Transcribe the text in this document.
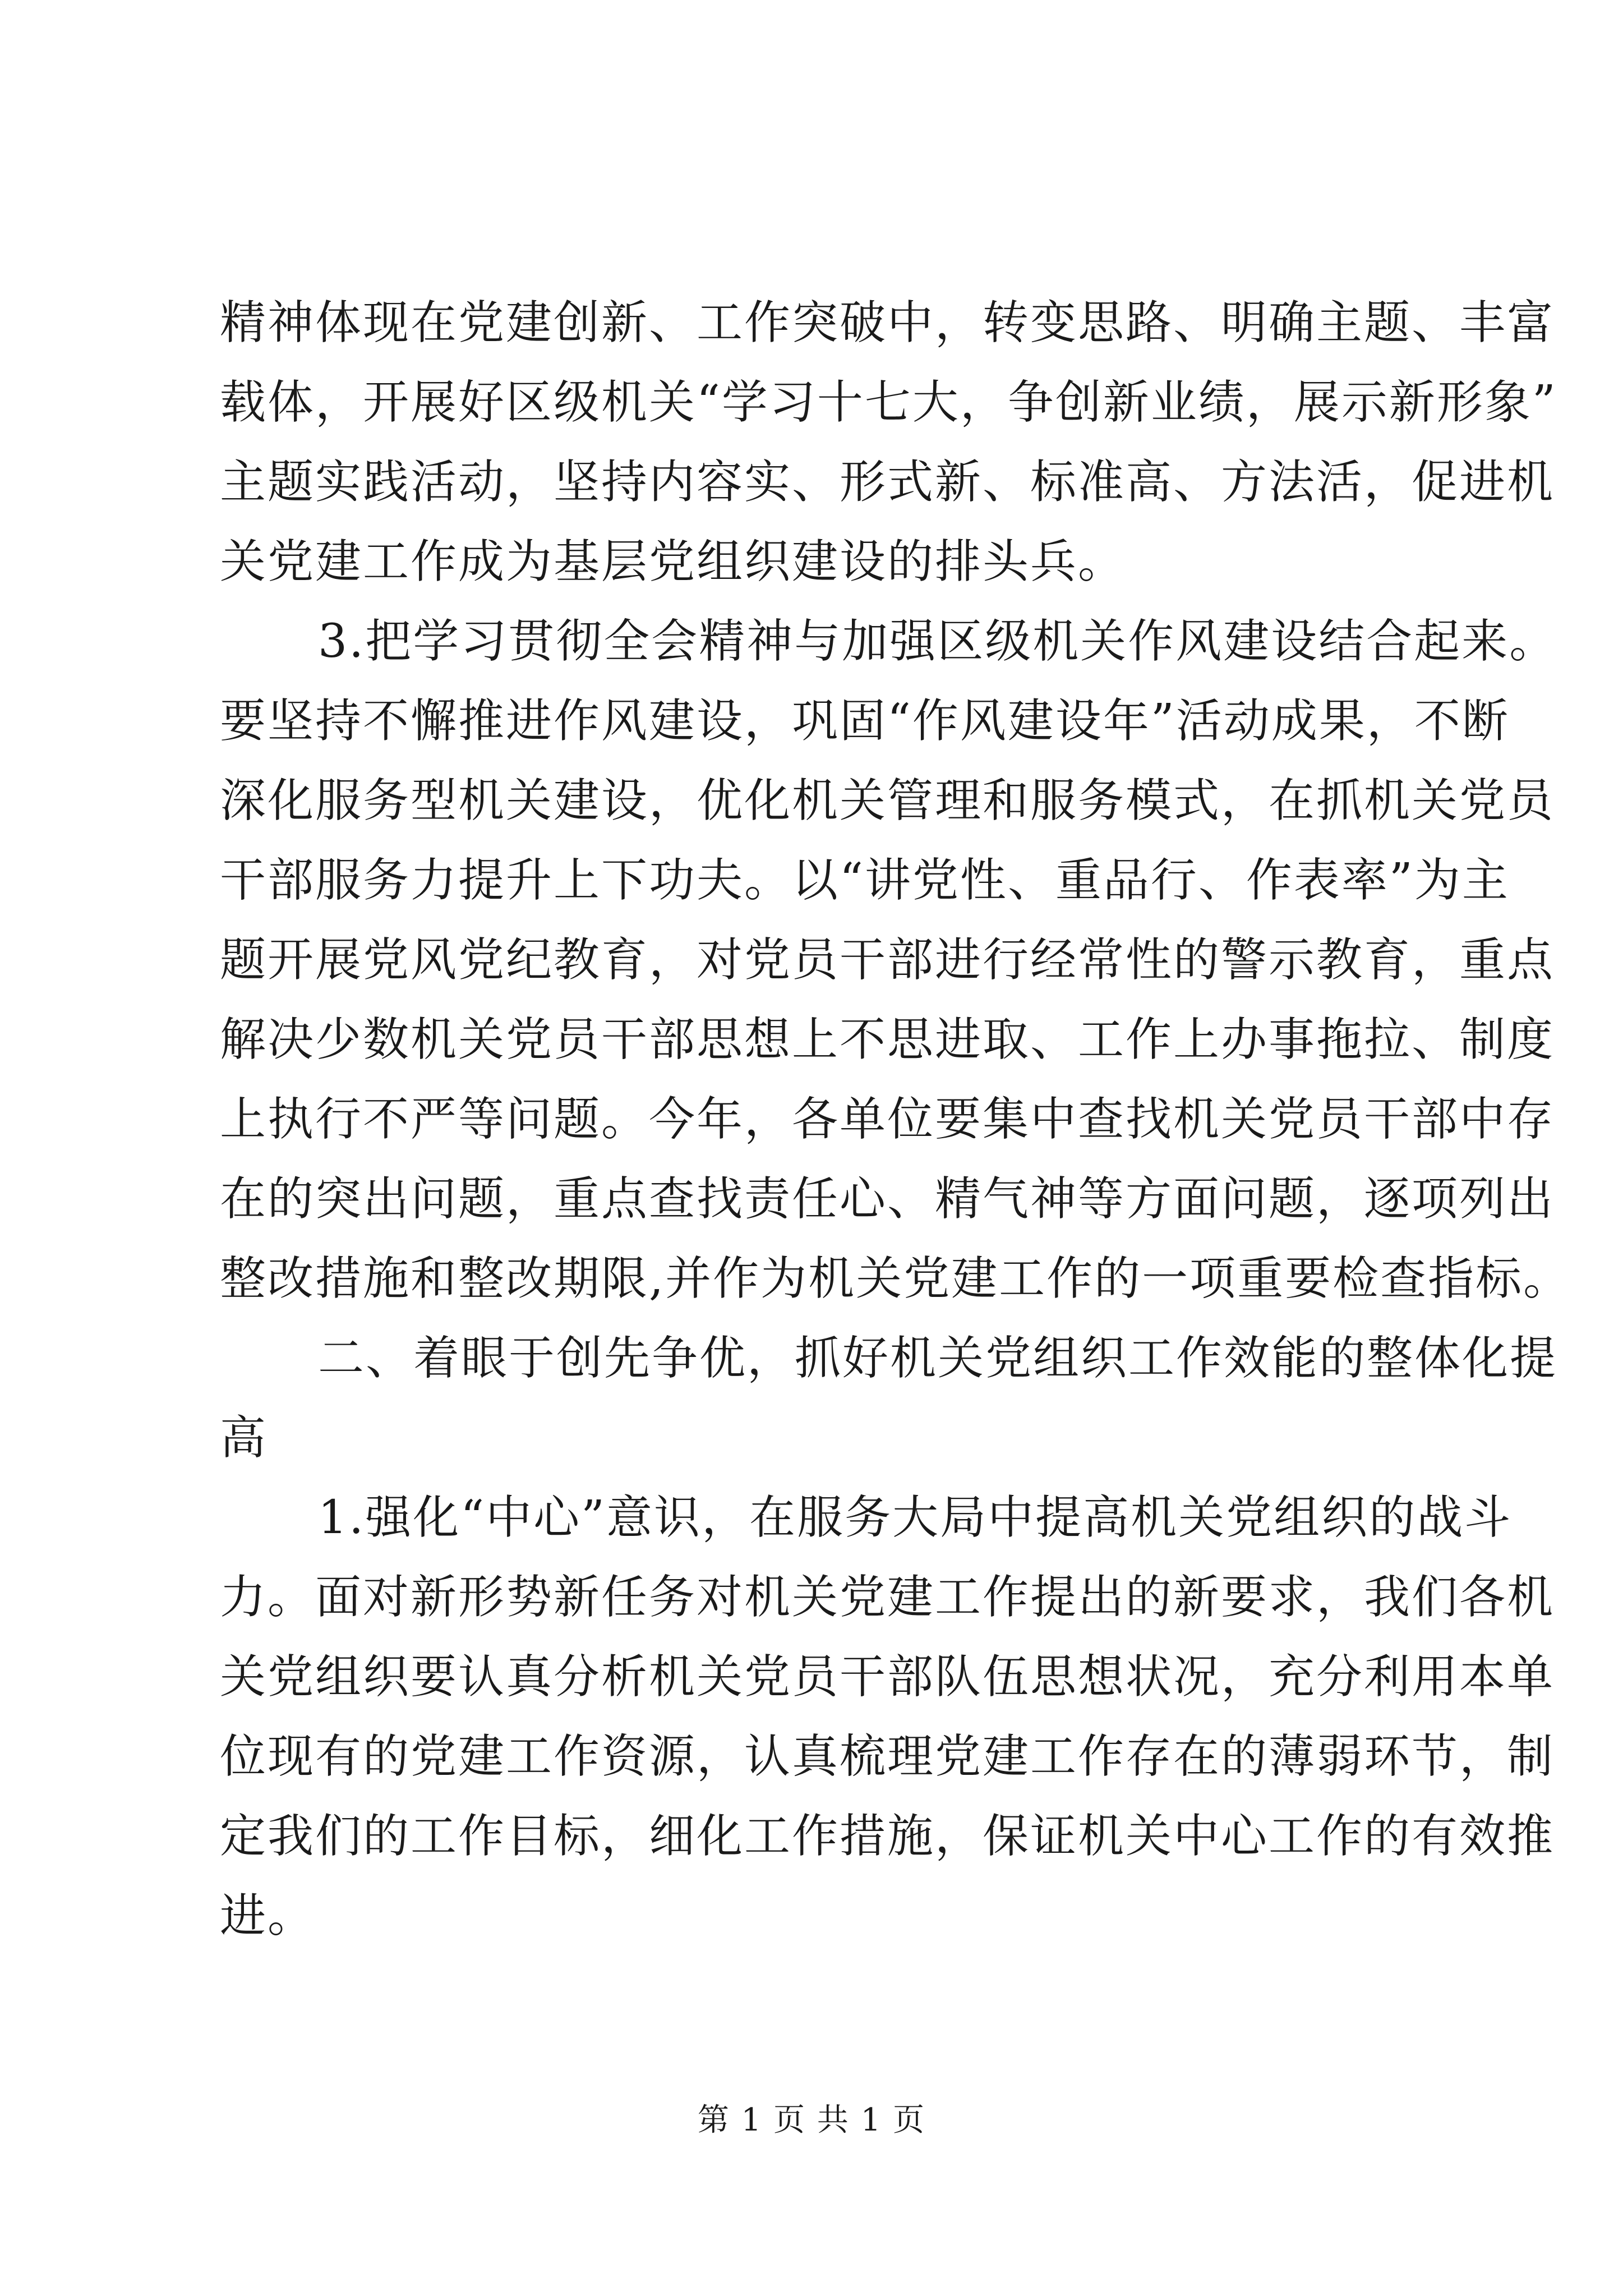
精神体现在党建创新、工作突破中，转变思路、明确主题、丰富
载体，开展好区级机关“学习十七大，争创新业绩，展示新形象”
主题实践活动，坚持内容实、形式新、标准高、方法活，促进机
关党建工作成为基层党组织建设的排头兵。
3.把学习贯彻全会精神与加强区级机关作风建设结合起来。
要坚持不懈推进作风建设，巩固“作风建设年”活动成果，不断
深化服务型机关建设，优化机关管理和服务模式，在抓机关党员
干部服务力提升上下功夫。以“讲党性、重品行、作表率”为主
题开展党风党纪教育，对党员干部进行经常性的警示教育，重点
解决少数机关党员干部思想上不思进取、工作上办事拖拉、制度
上执行不严等问题。今年，各单位要集中查找机关党员干部中存
在的突出问题，重点查找责任心、精气神等方面问题，逐项列出
整改措施和整改期限,并作为机关党建工作的一项重要检查指标。
二、着眼于创先争优，抓好机关党组织工作效能的整体化提
高
1.强化“中心”意识，在服务大局中提高机关党组织的战斗
力。面对新形势新任务对机关党建工作提出的新要求，我们各机
关党组织要认真分析机关党员干部队伍思想状况，充分利用本单
位现有的党建工作资源，认真梳理党建工作存在的薄弱环节，制
定我们的工作目标，细化工作措施，保证机关中心工作的有效推
进。
第 1 页 共 1 页
